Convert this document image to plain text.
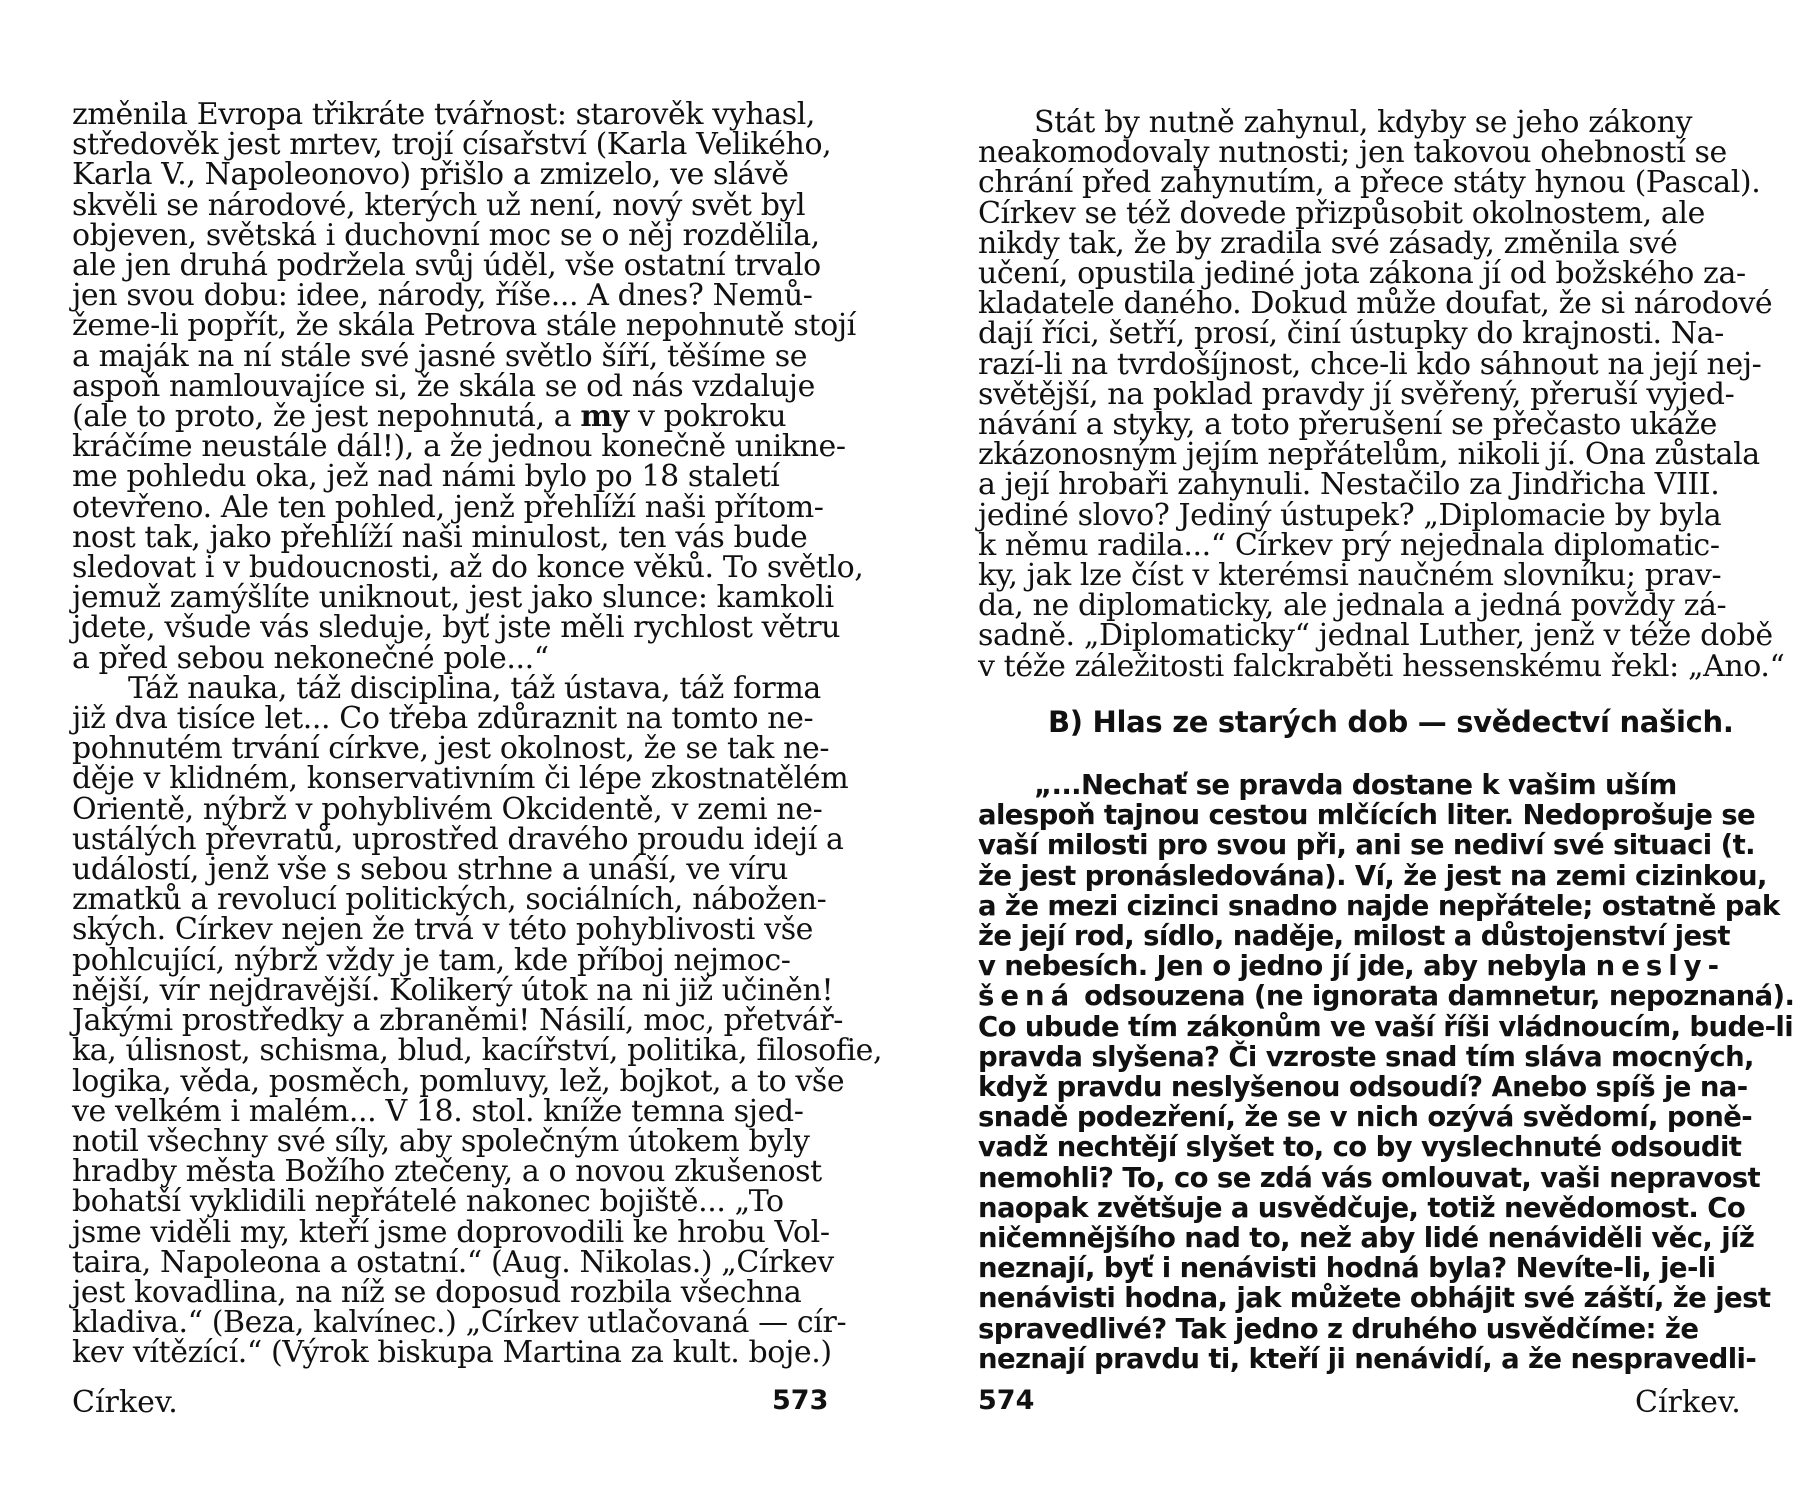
změnila Evropa třikráte tvářnost: starověk vyhasl,
středověk jest mrtev, trojí císařství (Karla Velikého,
Karla V., Napoleonovo) přišlo a zmizelo, ve slávě
skvěli se národové, kterých už není, nový svět byl
objeven, světská i duchovní moc se o něj rozdělila,
ale jen druhá podržela svůj úděl, vše ostatní trvalo
jen svou dobu: idee, národy, říše... A dnes? Nemů-
žeme-li popřít, že skála Petrova stále nepohnutě stojí
a maják na ní stále své jasné světlo šíří, těšíme se
aspoň namlouvajíce si, že skála se od nás vzdaluje
(ale to proto, že jest nepohnutá, a my v pokroku
kráčíme neustále dál!), a že jednou konečně unikne-
me pohledu oka, jež nad námi bylo po 18 staletí
otevřeno. Ale ten pohled, jenž přehlíží naši přítom-
nost tak, jako přehlíží naši minulost, ten vás bude
sledovat i v budoucnosti, až do konce věků. To světlo,
jemuž zamýšlíte uniknout, jest jako slunce: kamkoli
jdete, všude vás sleduje, byť jste měli rychlost větru
a před sebou nekonečné pole...“
Táž nauka, táž disciplina, táž ústava, táž forma
již dva tisíce let... Co třeba zdůraznit na tomto ne-
pohnutém trvání církve, jest okolnost, že se tak ne-
děje v klidném, konservativním či lépe zkostnatělém
Orientě, nýbrž v pohyblivém Okcidentě, v zemi ne-
ustálých převratů, uprostřed dravého proudu idejí a
událostí, jenž vše s sebou strhne a unáší, ve víru
zmatků a revolucí politických, sociálních, nábožen-
ských. Církev nejen že trvá v této pohyblivosti vše
pohlcující, nýbrž vždy je tam, kde příboj nejmoc-
nější, vír nejdravější. Kolikerý útok na ni již učiněn!
Jakými prostředky a zbraněmi! Násilí, moc, přetvář-
ka, úlisnost, schisma, blud, kacířství, politika, filosofie,
logika, věda, posměch, pomluvy, lež, bojkot, a to vše
ve velkém i malém... V 18. stol. kníže temna sjed-
notil všechny své síly, aby společným útokem byly
hradby města Božího ztečeny, a o novou zkušenost
bohatší vyklidili nepřátelé nakonec bojiště... „To
jsme viděli my, kteří jsme doprovodili ke hrobu Vol-
taira, Napoleona a ostatní.“ (Aug. Nikolas.) „Církev
jest kovadlina, na níž se doposud rozbila všechna
kladiva.“ (Beza, kalvínec.) „Církev utlačovaná — cír-
kev vítězící.“ (Výrok biskupa Martina za kult. boje.)
Církev.	573
Stát by nutně zahynul, kdyby se jeho zákony
neakomodovaly nutnosti; jen takovou ohebností se
chrání před zahynutím, a přece státy hynou (Pascal).
Církev se též dovede přizpůsobit okolnostem, ale
nikdy tak, že by zradila své zásady, změnila své
učení, opustila jediné jota zákona jí od božského za-
kladatele daného. Dokud může doufat, že si národové
dají říci, šetří, prosí, činí ústupky do krajnosti. Na-
razí-li na tvrdošíjnost, chce-li kdo sáhnout na její nej-
světější, na poklad pravdy jí svěřený, přeruší vyjed-
návání a styky, a toto přerušení se přečasto ukáže
zkázonosným jejím nepřátelům, nikoli jí. Ona zůstala
a její hrobaři zahynuli. Nestačilo za Jindřicha VIII.
jediné slovo? Jediný ústupek? „Diplomacie by byla
k němu radila...“ Církev prý nejednala diplomatic-
ky, jak lze číst v kterémsi naučném slovníku; prav-
da, ne diplomaticky, ale jednala a jedná povždy zá-
sadně. „Diplomaticky“ jednal Luther, jenž v téže době
v téže záležitosti falckraběti hessenskému řekl: „Ano.“
B) Hlas ze starých dob — svědectví našich.
„...Nechať se pravda dostane k vašim uším
alespoň tajnou cestou mlčících liter. Nedoprošuje se
vaší milosti pro svou při, ani se nediví své situaci (t.
že jest pronásledována). Ví, že jest na zemi cizinkou,
a že mezi cizinci snadno najde nepřátele; ostatně pak
že její rod, sídlo, naděje, milost a důstojenství jest
v nebesích. Jen o jedno jí jde, aby nebyla nesly-
šená odsouzena (ne ignorata damnetur, nepoznaná).
Co ubude tím zákonům ve vaší říši vládnoucím, bude-li
pravda slyšena? Či vzroste snad tím sláva mocných,
když pravdu neslyšenou odsoudí? Anebo spíš je na-
snadě podezření, že se v nich ozývá svědomí, poně-
vadž nechtějí slyšet to, co by vyslechnuté odsoudit
nemohli? To, co se zdá vás omlouvat, vaši nepravost
naopak zvětšuje a usvědčuje, totiž nevědomost. Co
ničemnějšího nad to, než aby lidé nenáviděli věc, jíž
neznají, byť i nenávisti hodná byla? Nevíte-li, je-li
nenávisti hodna, jak můžete obhájit své záští, že jest
spravedlivé? Tak jedno z druhého usvědčíme: že
neznají pravdu ti, kteří ji nenávidí, a že nespravedli-
574	Církev.
